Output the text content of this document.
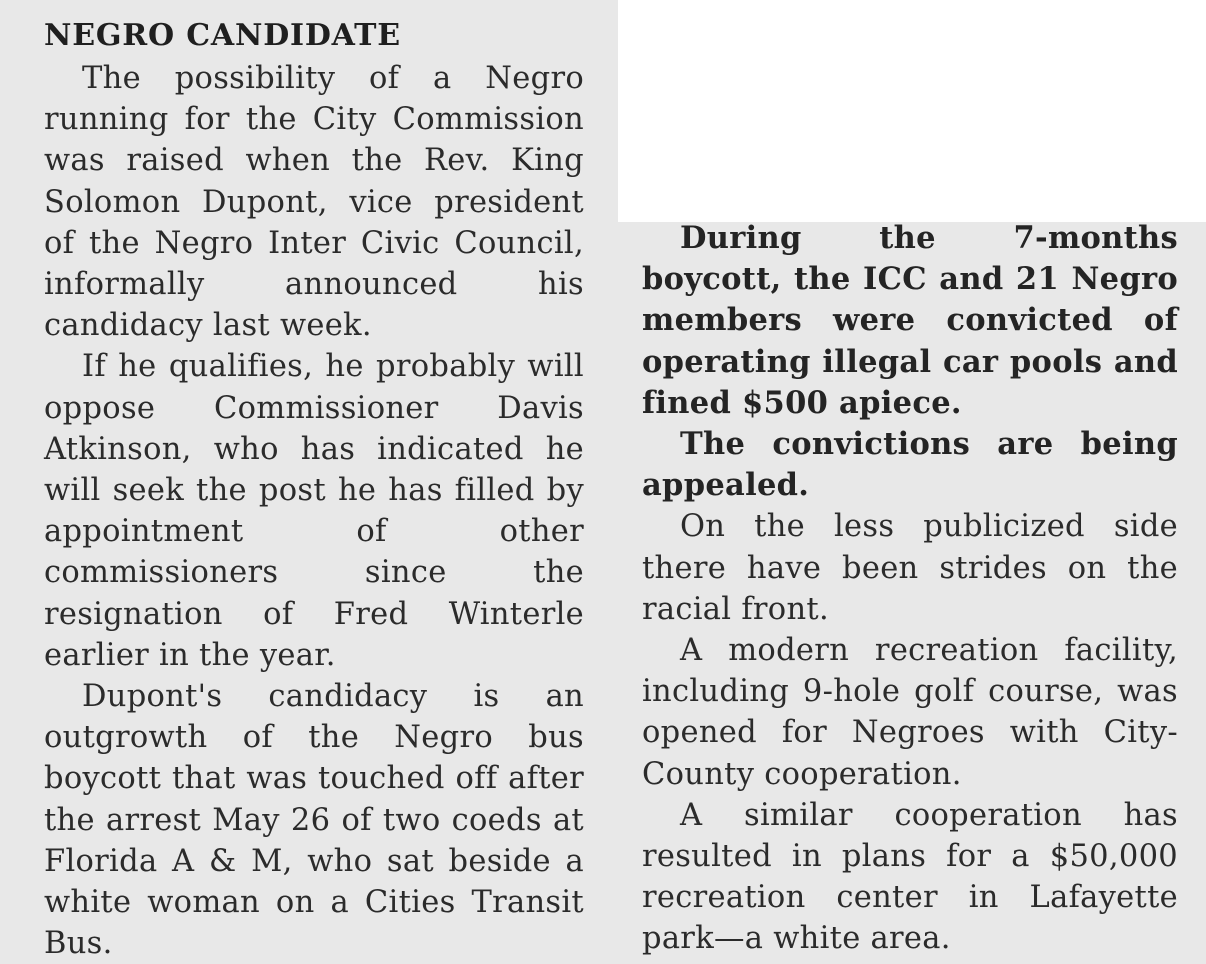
NEGRO CANDIDATE

The possibility of a Negro running for the City Commission was raised when the Rev. King Solomon Dupont, vice president of the Negro Inter Civic Council, informally announced his candidacy last week.

If he qualifies, he probably will oppose Commissioner Davis Atkinson, who has indicated he will seek the post he has filled by appointment of other commissioners since the resignation of Fred Winterle earlier in the year.

Dupont's candidacy is an outgrowth of the Negro bus boycott that was touched off after the arrest May 26 of two coeds at Florida A & M, who sat beside a white woman on a Cities Transit Bus.

During the 7-months boycott, the ICC and 21 Negro members were convicted of operating illegal car pools and fined $500 apiece.

The convictions are being appealed.

On the less publicized side there have been strides on the racial front.

A modern recreation facility, including 9-hole golf course, was opened for Negroes with City-County cooperation.

A similar cooperation has resulted in plans for a $50,000 recreation center in Lafayette park—a white area.
